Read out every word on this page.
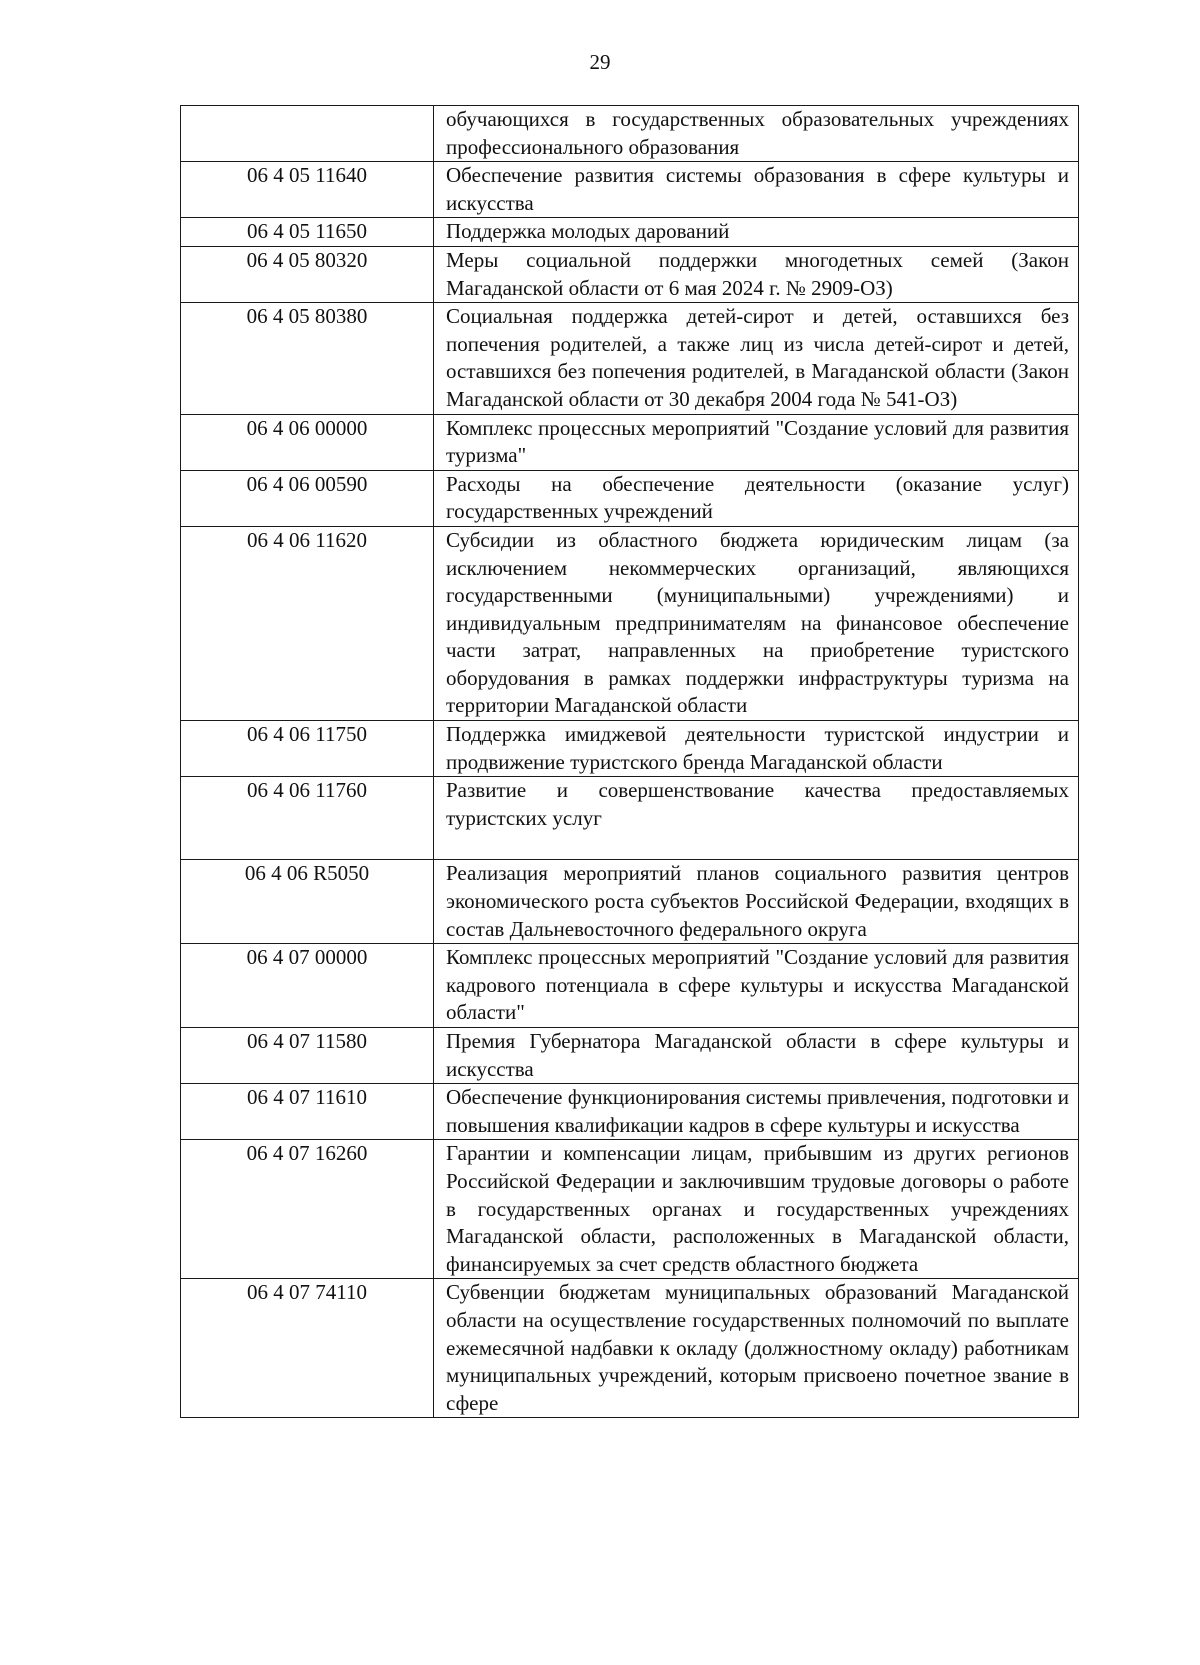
29
	обучающихся в государственных образовательных учреждениях профессионального образования
06 4 05 11640	Обеспечение развития системы образования в сфере культуры и искусства
06 4 05 11650	Поддержка молодых дарований
06 4 05 80320	Меры социальной поддержки многодетных семей (Закон Магаданской области от 6 мая 2024 г. № 2909-ОЗ)
06 4 05 80380	Социальная поддержка детей-сирот и детей, оставшихся без попечения родителей, а также лиц из числа детей-сирот и детей, оставшихся без попечения родителей, в Магаданской области (Закон Магаданской области от 30 декабря 2004 года № 541-ОЗ)
06 4 06 00000	Комплекс процессных мероприятий "Создание условий для развития туризма"
06 4 06 00590	Расходы на обеспечение деятельности (оказание услуг) государственных учреждений
06 4 06 11620	Субсидии из областного бюджета юридическим лицам (за исключением некоммерческих организаций, являющихся государственными (муниципальными) учреждениями) и индивидуальным предпринимателям на финансовое обеспечение части затрат, направленных на приобретение туристского оборудования в рамках поддержки инфраструктуры туризма на территории Магаданской области
06 4 06 11750	Поддержка имиджевой деятельности туристской индустрии и продвижение туристского бренда Магаданской области
06 4 06 11760	Развитие и совершенствование качества предоставляемых туристских услуг
06 4 06 R5050	Реализация мероприятий планов социального развития центров экономического роста субъектов Российской Федерации, входящих в состав Дальневосточного федерального округа
06 4 07 00000	Комплекс процессных мероприятий "Создание условий для развития кадрового потенциала в сфере культуры и искусства Магаданской области"
06 4 07 11580	Премия Губернатора Магаданской области в сфере культуры и искусства
06 4 07 11610	Обеспечение функционирования системы привлечения, подготовки и повышения квалификации кадров в сфере культуры и искусства
06 4 07 16260	Гарантии и компенсации лицам, прибывшим из других регионов Российской Федерации и заключившим трудовые договоры о работе в государственных органах и государственных учреждениях Магаданской области, расположенных в Магаданской области, финансируемых за счет средств областного бюджета
06 4 07 74110	Субвенции бюджетам муниципальных образований Магаданской области на осуществление государственных полномочий по выплате ежемесячной надбавки к окладу (должностному окладу) работникам муниципальных учреждений, которым присвоено почетное звание в сфере
